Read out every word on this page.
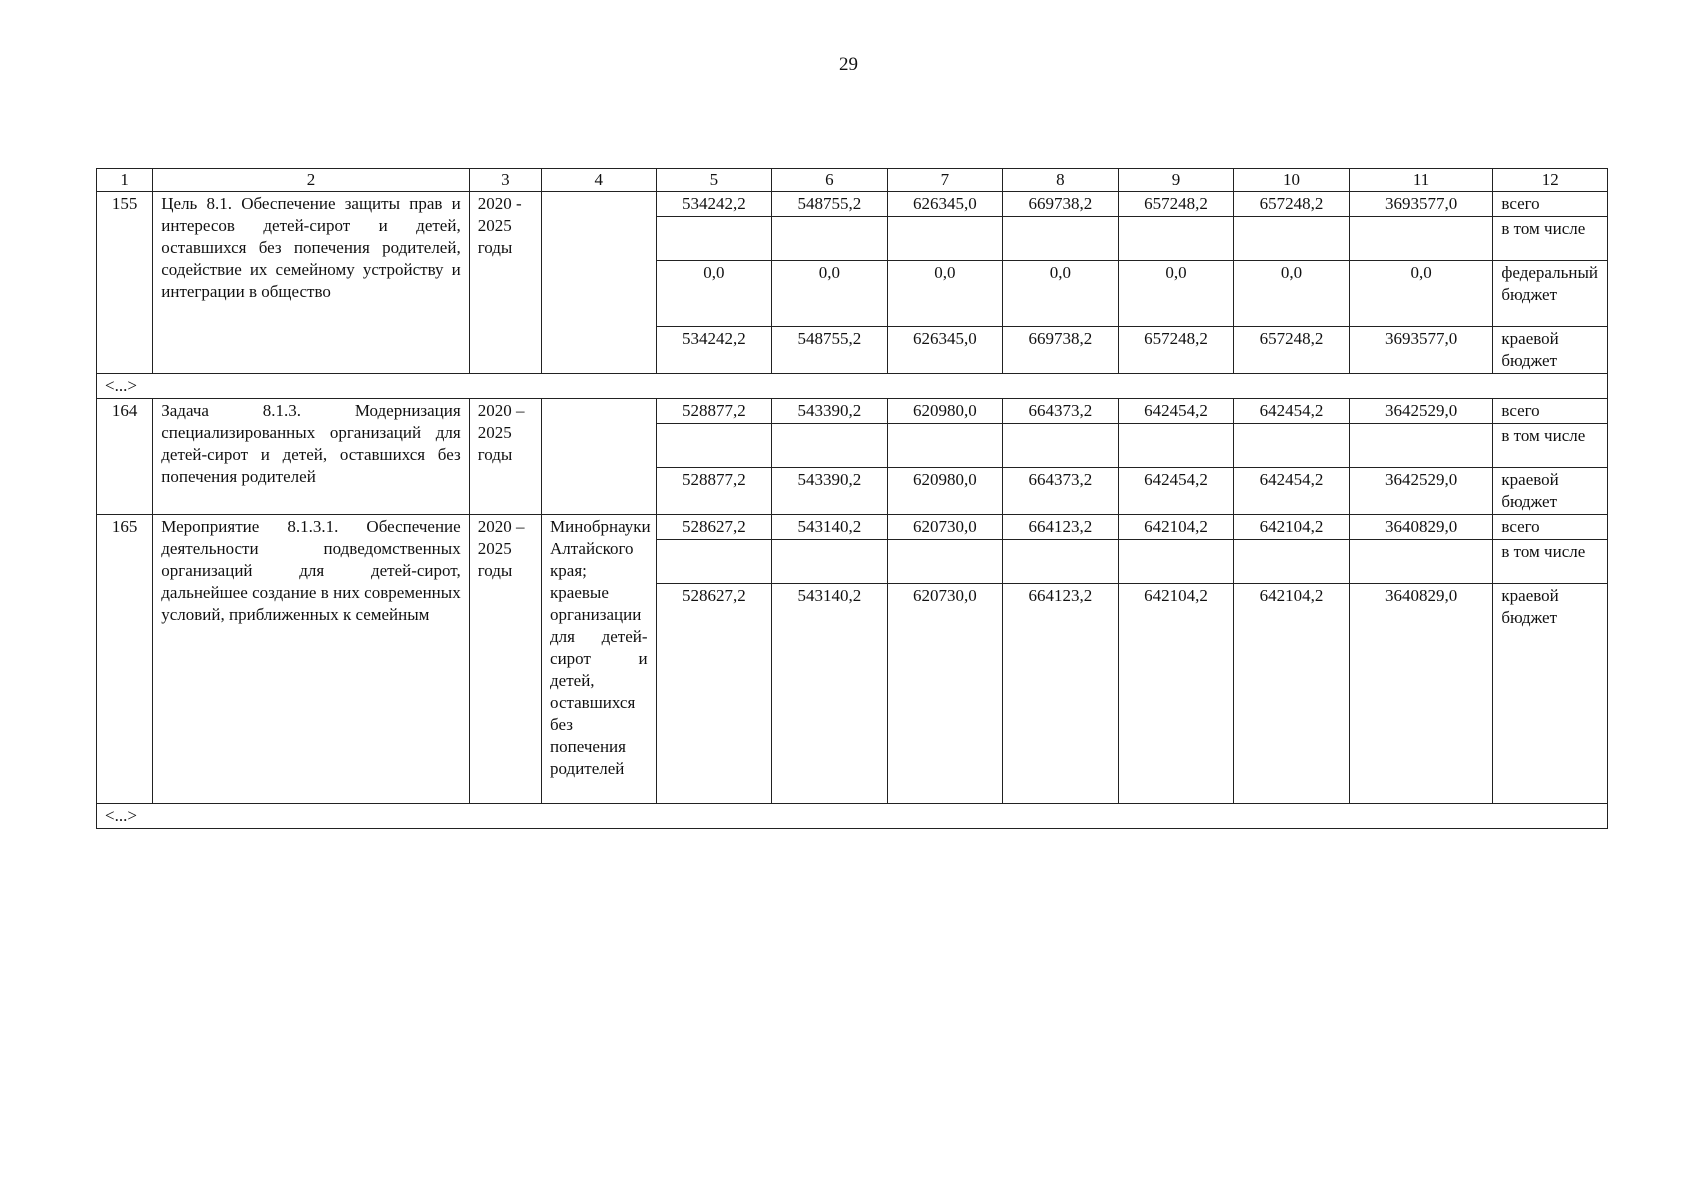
29
1	2	3	4	5	6	7	8	9	10	11	12
155	Цель 8.1. Обеспечение защиты прав и интересов детей-сирот и детей, оставшихся без попечения родителей, содействие их семейному устройству и интеграции в общество	2020 - 2025 годы		534242,2	548755,2	626345,0	669738,2	657248,2	657248,2	3693577,0	всего
											в том числе
				0,0	0,0	0,0	0,0	0,0	0,0	0,0	федеральный бюджет
				534242,2	548755,2	626345,0	669738,2	657248,2	657248,2	3693577,0	краевой бюджет
<...>											
164	Задача 8.1.3. Модернизация специализированных организаций для детей-сирот и детей, оставшихся без попечения родителей	2020 – 2025 годы		528877,2	543390,2	620980,0	664373,2	642454,2	642454,2	3642529,0	всего
											в том числе
				528877,2	543390,2	620980,0	664373,2	642454,2	642454,2	3642529,0	краевой бюджет
165	Мероприятие 8.1.3.1. Обеспечение деятельности подведомственных организаций для детей-сирот, дальнейшее создание в них современных условий, приближенных к семейным	2020 – 2025 годы	Минобрнауки Алтайского края; краевые организации для детей-сирот и детей, оставшихся без попечения родителей	528627,2	543140,2	620730,0	664123,2	642104,2	642104,2	3640829,0	всего
											в том числе
				528627,2	543140,2	620730,0	664123,2	642104,2	642104,2	3640829,0	краевой бюджет
<...>											
